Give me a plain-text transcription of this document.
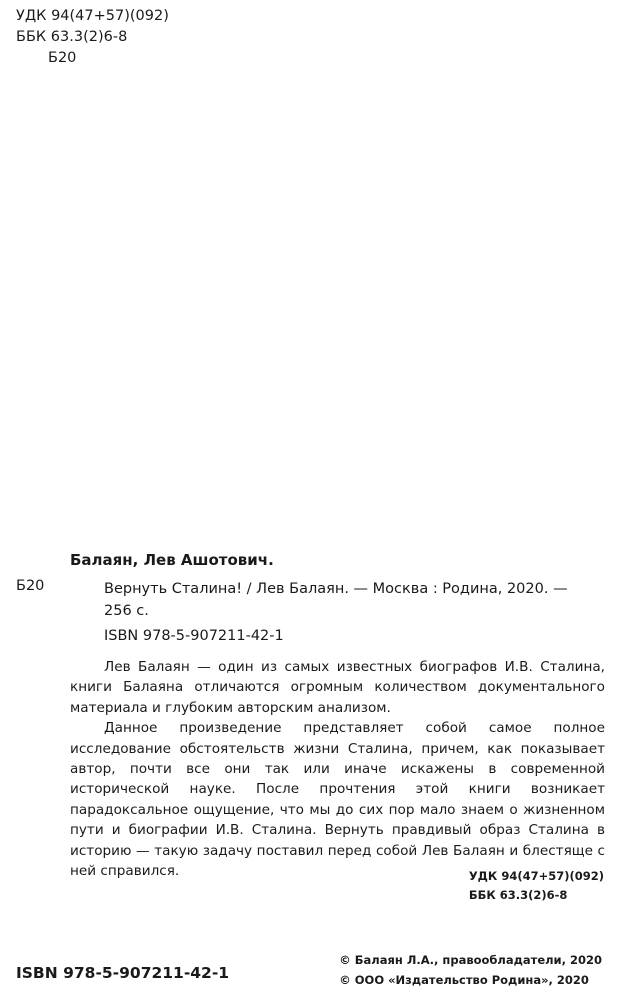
УДК 94(47+57)(092)
ББК 63.3(2)6-8
Б20
Балаян, Лев Ашотович.
Б20	Вернуть Сталина! / Лев Балаян. — Москва : Родина, 2020. —
256 с.
ISBN 978-5-907211-42-1

Лев Балаян — один из самых известных биографов И.В. Сталина, книги Балаяна отличаются огромным количеством документального материала и глубоким авторским анализом.

Данное произведение представляет собой самое полное исследование обстоятельств жизни Сталина, причем, как показывает автор, почти все они так или иначе искажены в современной исторической науке. После прочтения этой книги возникает парадоксальное ощущение, что мы до сих пор мало знаем о жизненном пути и биографии И.В. Сталина. Вернуть правдивый образ Сталина в историю — такую задачу поставил перед собой Лев Балаян и блестяще с ней справился.	УДК 94(47+57)(092)
ББК 63.3(2)6-8
ISBN 978-5-907211-42-1
© Балаян Л.А., правообладатели, 2020
© ООО «Издательство Родина», 2020
